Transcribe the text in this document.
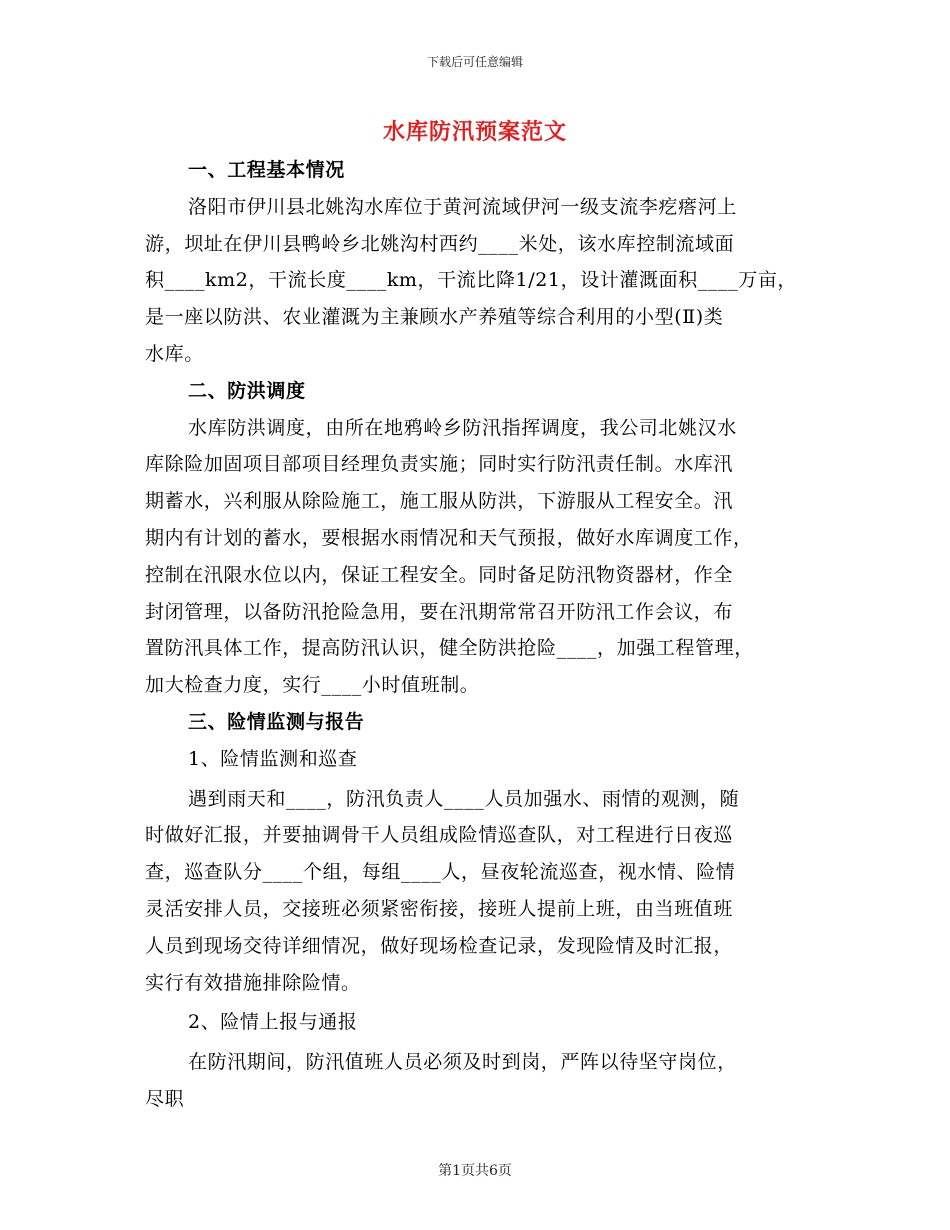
下载后可任意编辑
水库防汛预案范文
一、工程基本情况
洛阳市伊川县北姚沟水库位于黄河流域伊河一级支流李疙瘩河上
游，坝址在伊川县鸭岭乡北姚沟村西约____米处，该水库控制流域面
积____km2，干流长度____km，干流比降1/21，设计灌溉面积____万亩，
是一座以防洪、农业灌溉为主兼顾水产养殖等综合利用的小型(Ⅱ)类
水库。
二、防洪调度
水库防洪调度，由所在地鸦岭乡防汛指挥调度，我公司北姚汉水
库除险加固项目部项目经理负责实施；同时实行防汛责任制。水库汛
期蓄水，兴利服从除险施工，施工服从防洪，下游服从工程安全。汛
期内有计划的蓄水，要根据水雨情况和天气预报，做好水库调度工作，
控制在汛限水位以内，保证工程安全。同时备足防汛物资器材，作全
封闭管理，以备防汛抢险急用，要在汛期常常召开防汛工作会议，布
置防汛具体工作，提高防汛认识，健全防洪抢险____，加强工程管理，
加大检查力度，实行____小时值班制。
三、险情监测与报告
1、险情监测和巡查
遇到雨天和____，防汛负责人____人员加强水、雨情的观测，随
时做好汇报，并要抽调骨干人员组成险情巡查队，对工程进行日夜巡
查，巡查队分____个组，每组____人，昼夜轮流巡查，视水情、险情
灵活安排人员，交接班必须紧密衔接，接班人提前上班，由当班值班
人员到现场交待详细情况，做好现场检查记录，发现险情及时汇报，
实行有效措施排除险情。
2、险情上报与通报
在防汛期间，防汛值班人员必须及时到岗，严阵以待坚守岗位，
尽职
第1页共6页
